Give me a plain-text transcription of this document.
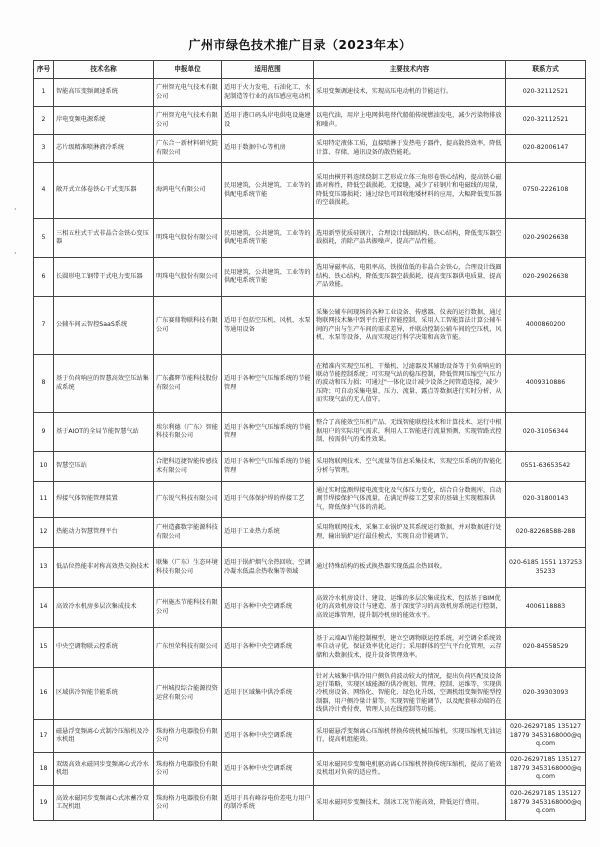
广州市绿色技术推广目录（2023年本）
·
·
序号	技术名称	申报单位	适用范围	主要技术内容	联系方式
1	智能高压变频调速系统	广州智光电气技术有限公司	适用于火力发电、石油化工、水泥制造等行业的高压感应电动机	采用变频调速技术，实现高压电动机的节能运行。	020-32112521
2	岸电变频电源系统	广州智光电气技术有限公司	适用于港口码头岸电供电设施建设	以电代油，用岸上电网供电替代船舶传统燃油发电，减少污染物排放和噪声。	020-32112521
3	芯片级精准喷淋液冷系统	广东合一新材料研究院有限公司	适用于数据中心等机房	采用特定液体工质，直接喷淋于发热电子器件，提高散热效率，降低计算、存储、通讯设备的散热能耗。	020-82006147
4	敞开式立体卷铁心干式变压器	海鸿电气有限公司	民用建筑，公共建筑、工业等的供配电系统节能	采用由横开料连续绕制工艺形成立体三角形卷铁心结构，提高铁心磁路对称性，降低空载损耗，无接缝，减少了硅钢片和电磁线的用量，降低变压器损耗；通过绿色可回收地矮材料的应用，大幅降低变压器的空载损耗。	0750-2226108
5	三相五柱式干式非晶合金铁心变压器	明珠电气股份有限公司	民用建筑，公共建筑、工业等的供配电系统节能	选用新型优质硅钢片，合理设计线圈结构、铁心结构，降低变压器空载损耗，消除产品共振噪声，提高产品性能。	020-29026638
6	长圆形电工钢带干式电力变压器	明珠电气股份有限公司	民用建筑，公共建筑、工业等的供配电系统节能	选用导磁率高、电阻率高、铁损值低的非晶合金铁心，合理设计线圈结构、铁心结构，降低变压器空载损耗，提高变压器供电质量，提高产品效能。	020-29026638
7	公辅车间云智控SaaS系统	广东赛鼎物联科技有限公司	适用于包括空压机、风机、水泵等通用设备	采集公辅车间现场的各种工业设备、传感器、仪表的运行数据，通过物联网技术集中到平台进行智能控制，采用人工智能算法计算公辅车间的产出与生产车间的需求差异，并联动控制公辅车间的空压机、风机、水泵等设备，从而实现运行科学决策和高效节能。	4000860200
8	基于负荷响应的智慧高效空压站集成系统	广东鑫辉节能科技股份有限公司	适用于各种空气压缩系统的节能管理	在精准内实现空压机、干燥机、过滤器及其辅助设备等于负荷响应的联动节能控制系统；可实现气站的稳压控制，降低管网压缩空气压力的波动和压力损；可通过"一体化设计减少设备之间管道连接，减少压降；可自动采集电量、压力、流量、露点等数据进行实时分析，从而实现气站的无人值守。	4009310886
9	基于AIOT的全局节能智慧气站	埃尔利德（广东）智能科技有限公司	适用于各种空气压缩系统的节能管理	整合了高能效空压机产品、无线智能联控技术和计算技术、运行中根据用户的实际用气需求，利用人工智能进行流量预测，实现管路式控制、按需供气的柔性效果。	020-31056344
10	智慧空压站	合肥科迈捷智能传感技术有限公司	适用于各种空气压缩系统的节能管理	采用物联网技术、空气流量等信息采集技术，实现空压系统的智能化分析与管理。	0551-63653542
11	焊接气体智能管理装置	广东锐气科技有限公司	适用于气体保护焊的焊接工艺	通过实时监测焊接电流变化及气体压力变化，结合自分数规库，自动调节焊接保护气体流量，在满足焊接工艺要求的基础上实现精准供气，降低保护气体的消耗。	020-31800143
12	热能动力智慧管理平台	广州造鑫数字能源科技有限公司	适用于工业热力系统	采用物联网技术，采集工业锅炉及其系统运行数据，并对数据进行处理，输出锅炉运行最佳模式，实现自动节能调节。	020-82268588-288
13	低品位热能非对称高效热交换技术	联集（广东）生态环境科技有限公司	适用于锅炉烟气余热回收、空调冷凝水低温余热收集等领域	通过特殊结构的板式换热器实现低温余热回收。	020-6185 1551 13725335233
14	高效冷水机房多层次集成技术	广州施杰节能科技有限公司	适用于各种中央空调系统	高效冷水机房设计、建设、运维的多层次集成技术，包括基于BIM优化的高效机房设计与建造、基于深度学习的高效机房系统运行控制，高效运维管理，提升制冷机房的能效水平。	4006118883
15	中央空调物联云控系统	广东恒荣科技有限公司	适用于各种中央空调系统	基于云端AI节能控制模型，建立空调物联运控系统，对空调全系统效率自动寻优，保证效率优化运行；采用群体的空气平台化管理，云存储和大数据技术，提升设备管理效率。	020-84558529
16	区域供冷智能节能系统	广州城投综合能源投资运营有限公司	适用于区域集中供冷系统	针对大城集中供冷用户侧负荷波动较大的情况，提出负荷匹配及设备运行策略，实现区域能源的供冷规划、管理、控制、运维等，实现供冷机房设备、网络化、智能化、绿色化升级，空调机组变频智能型控制器，用户侧冷量计量等，实现智能节能调节，以及配套移动端的在线供冷计费付费，管理人员在线控制等功能。	020-39303093
17	磁悬浮变频离心式制冷压缩机及冷水机组	珠海格力电器股份有限公司	适用于各种中央空调系统	采用磁悬浮变频离心压缩机替换传统机械压缩机，实现压缩机无油运行，提高机组能效。	020-26297185 13512718779 3453168000@qq.com
18	双级高效永磁同步变频离心式冷水机组	珠海格力电器股份有限公司	适用于各种中央空调系统	采用永磁同步变频电机驱动离心压缩机替换传统压缩机，提高了能效及机组对负荷的适应性。	020-26297185 13512718779 3453168000@qq.com
19	高效永磁同步变频离心式冰蓄冷双工况机组	珠海格力电器股份有限公司	适用于具有峰谷电价差电力用户的制冷系统	采用永磁同步变频技术，制冰工况节能高效，降低运行费用。	020-26297185 13512718779 3453168000@qq.com
